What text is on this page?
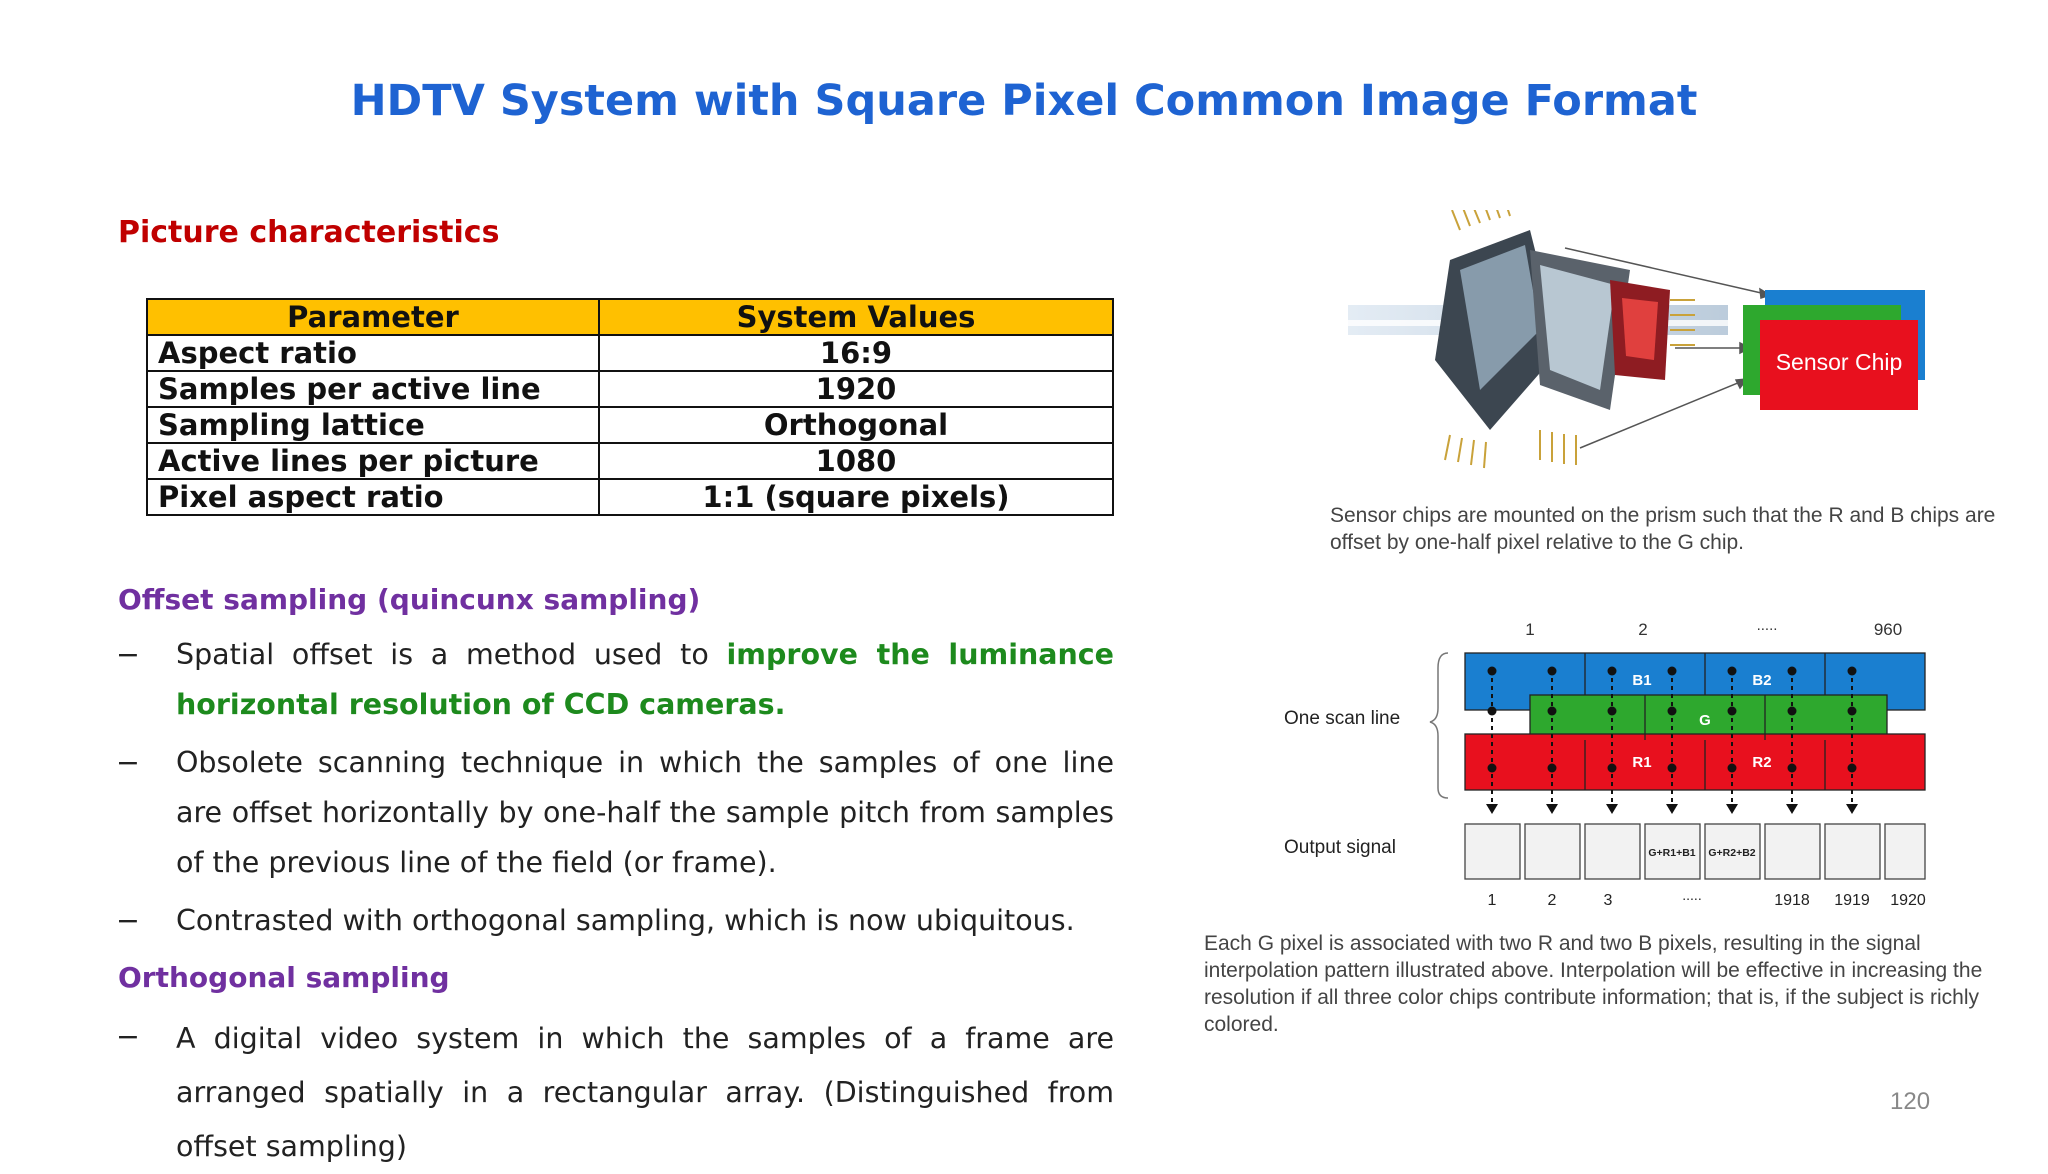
HDTV System with Square Pixel Common Image Format
Picture characteristics
Parameter	System Values
Aspect ratio	16:9
Samples per active line	1920
Sampling lattice	Orthogonal
Active lines per picture	1080
Pixel aspect ratio	1:1 (square pixels)
Offset sampling (quincunx sampling)
− Spatial offset is a method used to improve the luminance horizontal resolution of CCD cameras.
− Obsolete scanning technique in which the samples of one line are offset horizontally by one-half the sample pitch from samples of the previous line of the field (or frame).
− Contrasted with orthogonal sampling, which is now ubiquitous.
Orthogonal sampling
− A digital video system in which the samples of a frame are arranged spatially in a rectangular array. (Distinguished from offset sampling)
Sensor Chip
Sensor chips are mounted on the prism such that the R and B chips are offset by one-half pixel relative to the G chip.
1	2	.....	960
One scan line
B1	B2
G
R1	R2
Output signal	G+R1+B1 G+R2+B2
1	2	3	.....	1918 1919 1920
Each G pixel is associated with two R and two B pixels, resulting in the signal interpolation pattern illustrated above. Interpolation will be effective in increasing the resolution if all three color chips contribute information; that is, if the subject is richly colored.
120
